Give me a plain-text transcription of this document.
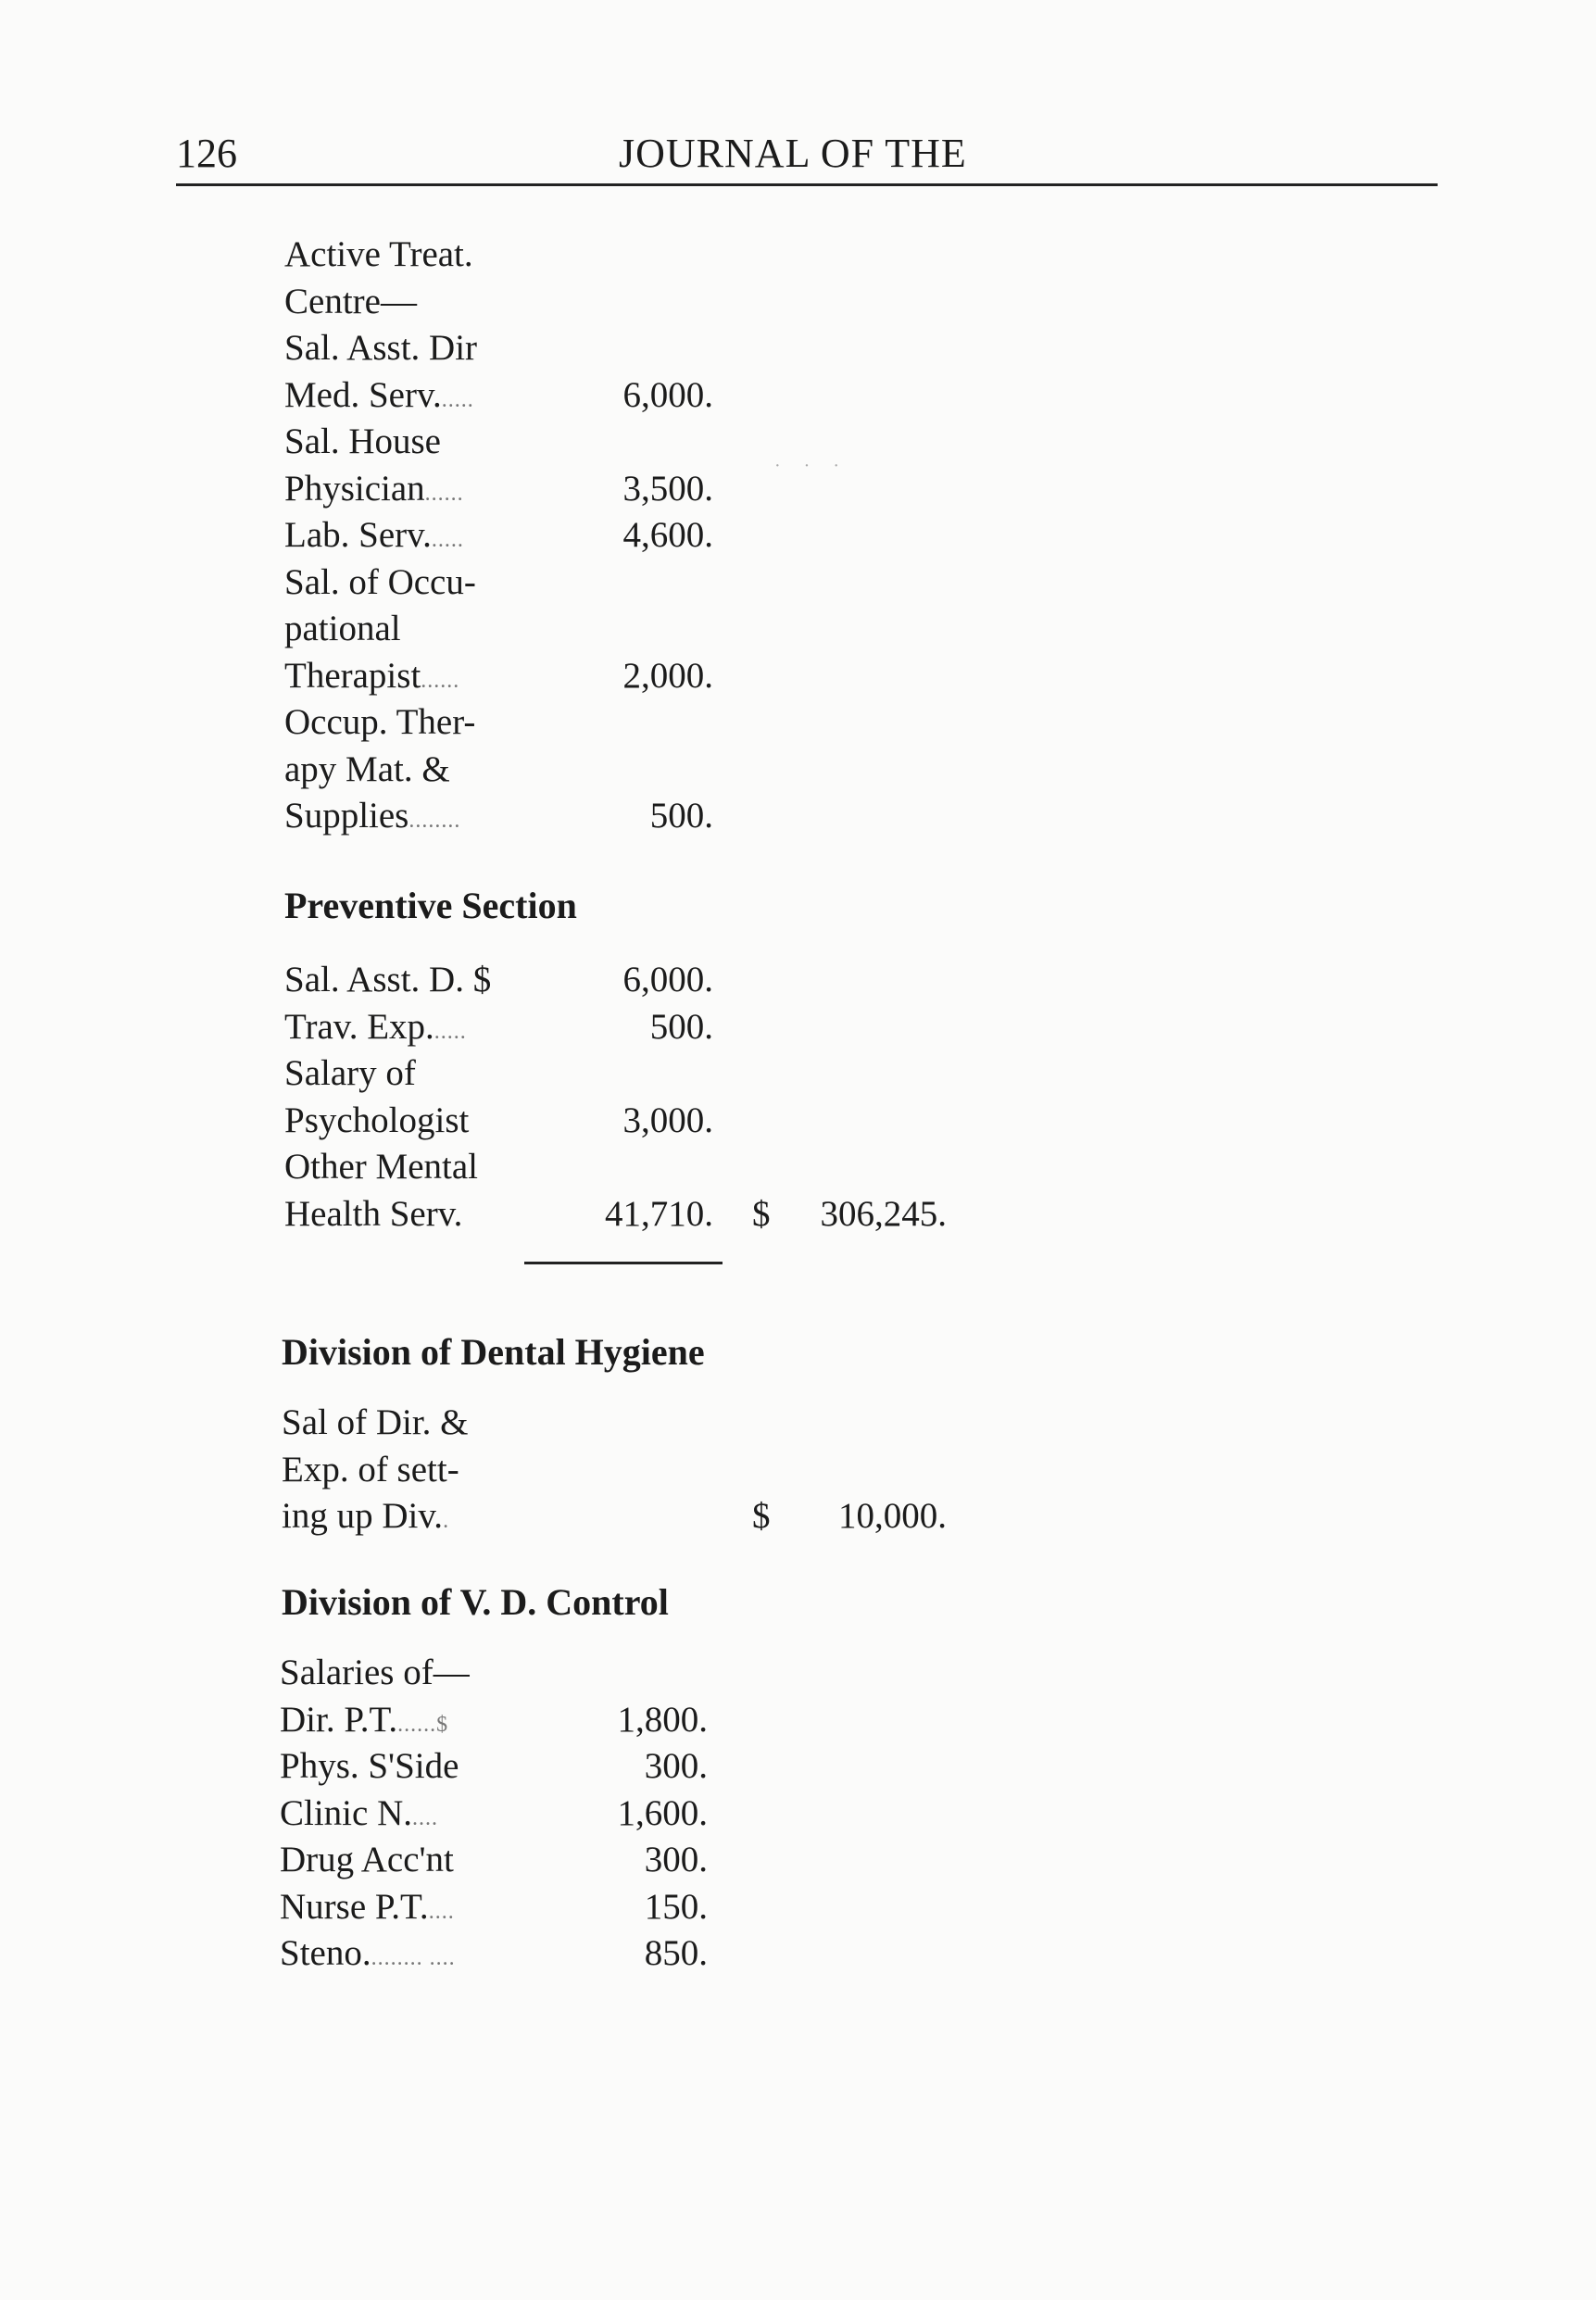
126	JOURNAL OF THE
· · ·
Active Treat.
Centre—
Sal. Asst. Dir
Med. Serv......	6,000.
Sal. House
Physician......	3,500.
Lab. Serv......	4,600.
Sal. of Occu-
pational
Therapist......	2,000.
Occup. Ther-
apy Mat. &
Supplies........	500.
Preventive Section
Sal. Asst. D. $	6,000.
Trav. Exp......	500.
Salary of
Psychologist	3,000.
Other Mental
Health Serv.	41,710. $	306,245.
Division of Dental Hygiene
Sal of Dir. &
Exp. of sett-
ing up Div..	$	10,000.
Division of V. D. Control
Salaries of—
Dir. P.T.......$	1,800.
Phys. S'Side	300.
Clinic N.....	1,600.
Drug Acc'nt	300.
Nurse P.T.....	150.
Steno......... ....	850.
